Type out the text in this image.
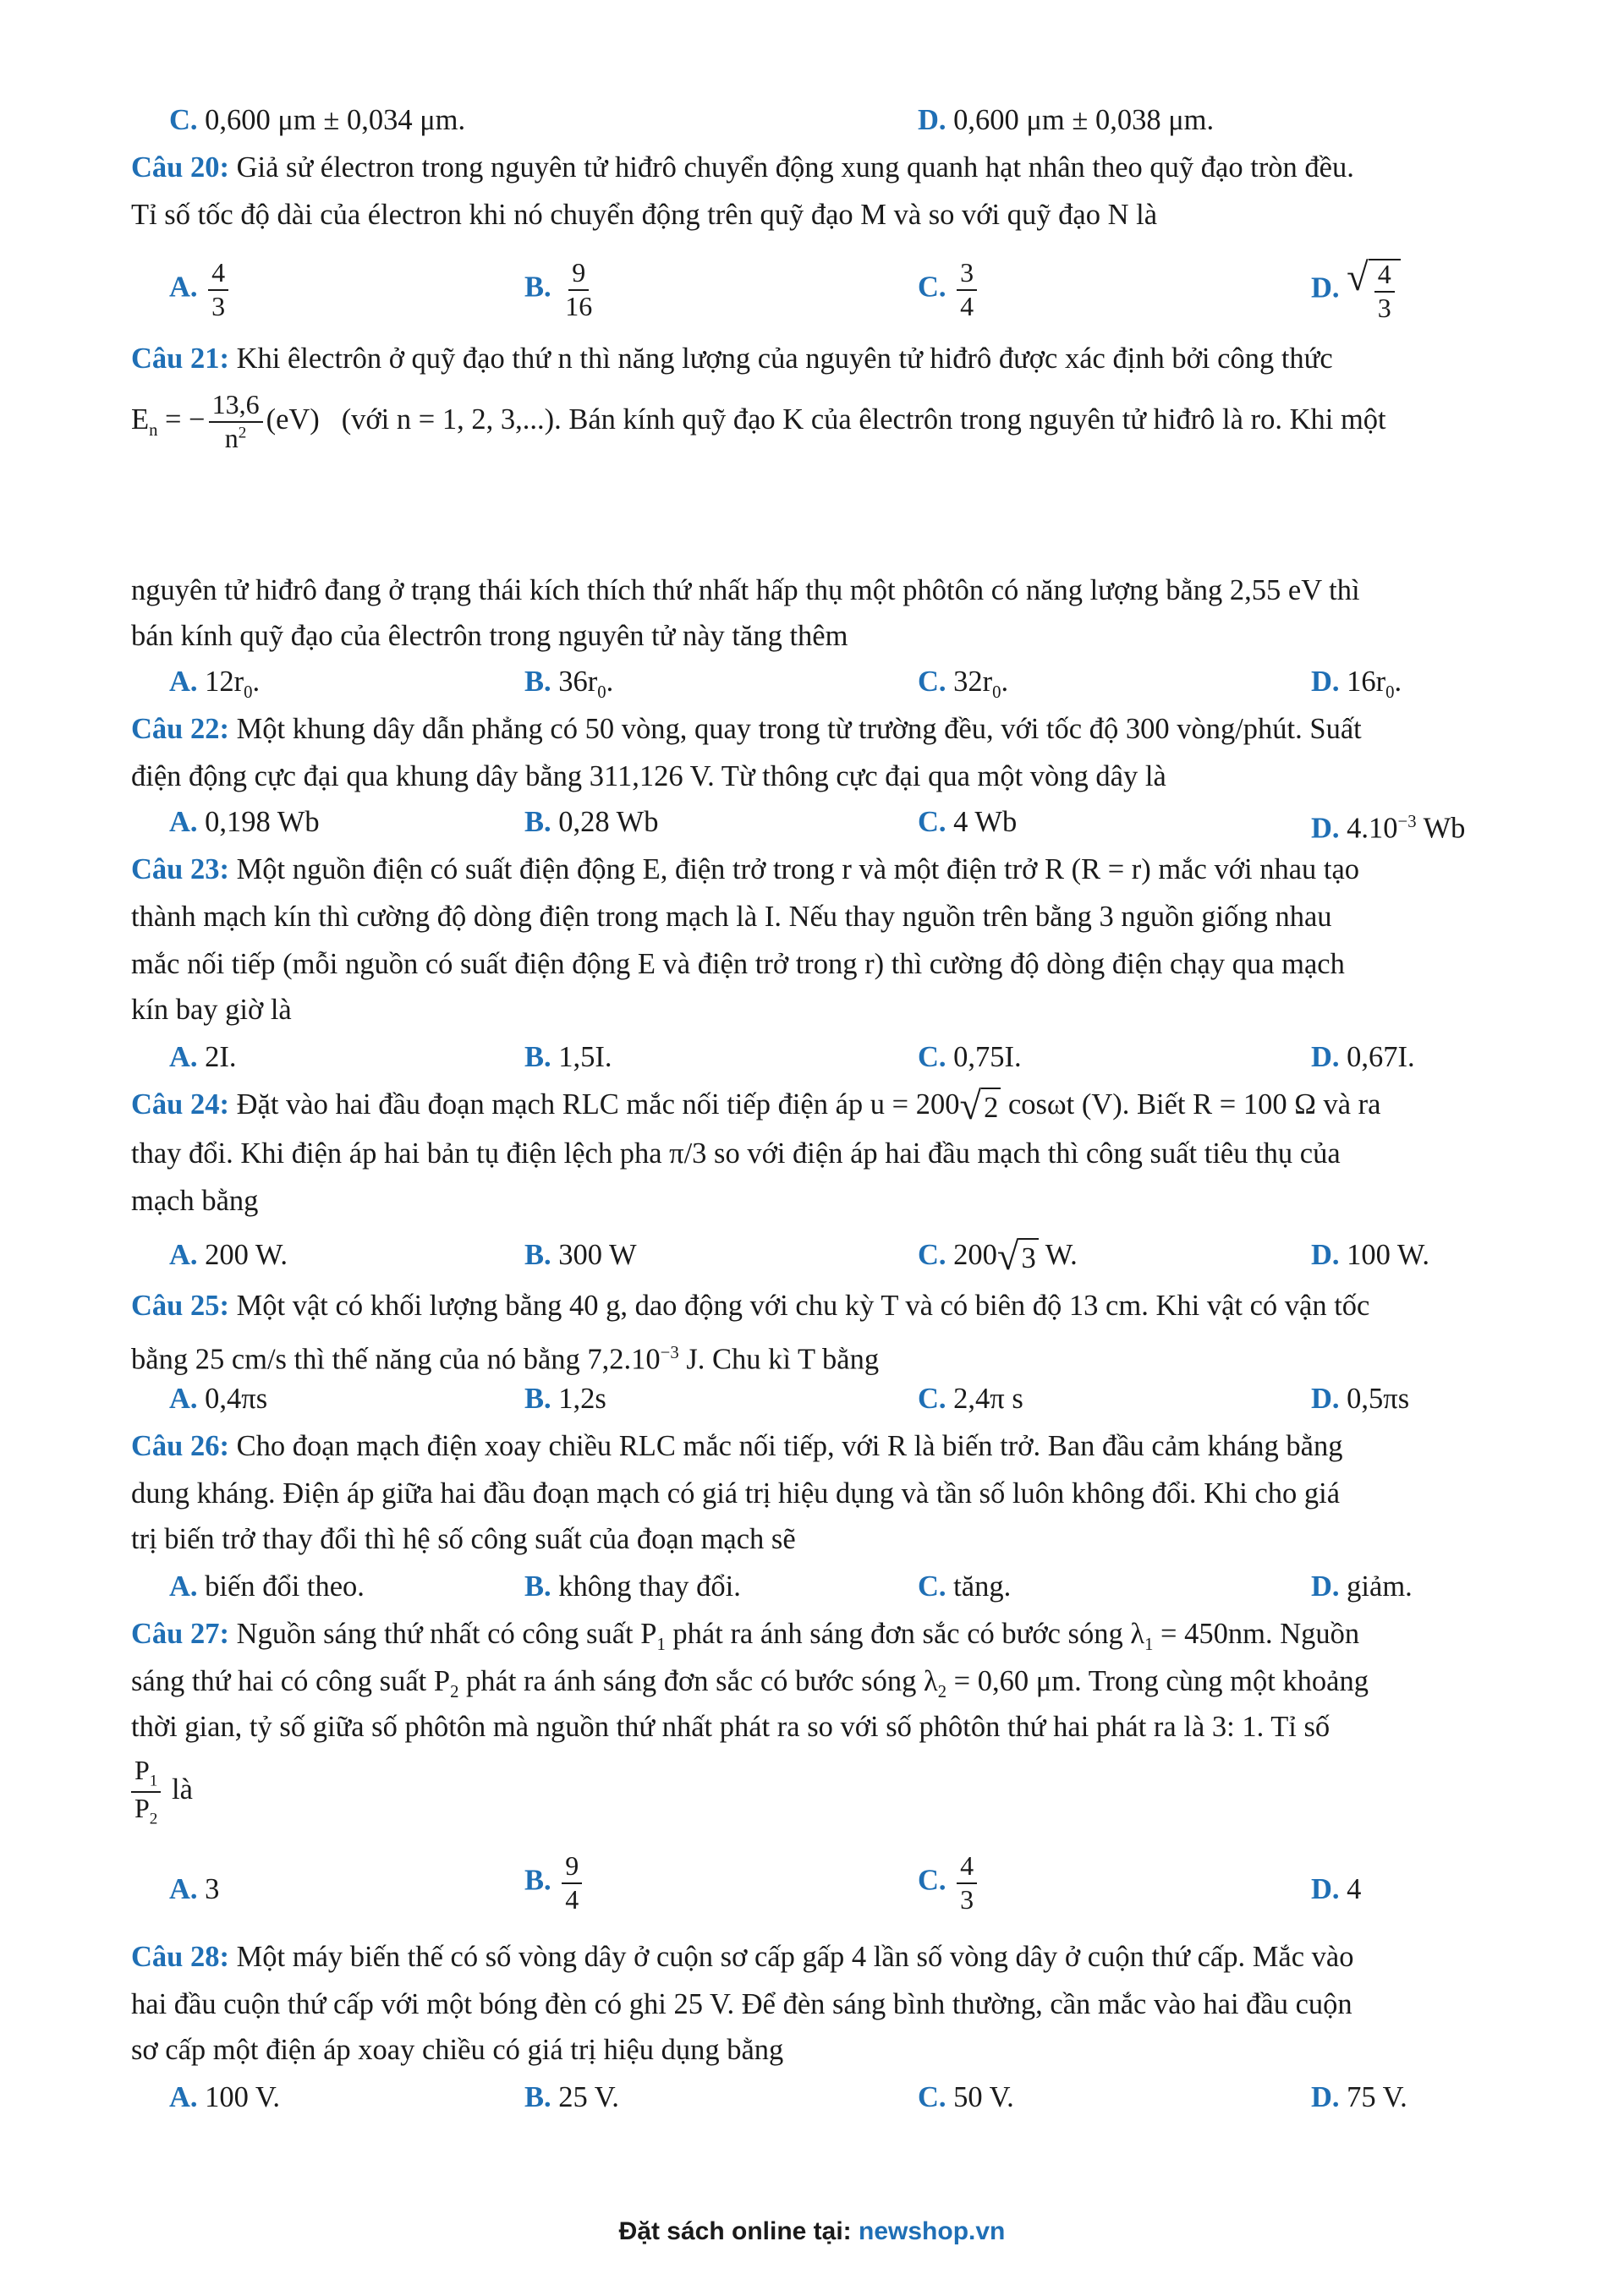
C. 0,600 μm ± 0,034 μm.	D. 0,600 μm ± 0,038 μm.
Câu 20: Giả sử électron trong nguyên tử hiđrô chuyển động xung quanh hạt nhân theo quỹ đạo tròn đều.
Tỉ số tốc độ dài của électron khi nó chuyển động trên quỹ đạo M và so với quỹ đạo N là
A. $\frac{4}{3}$	B. $\frac{9}{16}$	C. $\frac{3}{4}$	D. √ $\frac{4}{3}$
Câu 21: Khi êlectrôn ở quỹ đạo thứ n thì năng lượng của nguyên tử hiđrô được xác định bởi công thức
$E_n$ = − $\frac{13,6}{n^2} (eV)$ (với n = 1, 2, 3,...). Bán kính quỹ đạo K của êlectrôn trong nguyên tử hiđrô là ro. Khi một
nguyên tử hiđrô đang ở trạng thái kích thích thứ nhất hấp thụ một phôtôn có năng lượng bằng 2,55 eV thì
bán kính quỹ đạo của êlectrôn trong nguyên tử này tăng thêm
A. $12r_0$.	B. $36r_0$.	C. $32r_0$.	D. $16r_0$.
Câu 22: Một khung dây dẫn phẳng có 50 vòng, quay trong từ trường đều, với tốc độ 300 vòng/phút. Suất
điện động cực đại qua khung dây bằng 311,126 V. Từ thông cực đại qua một vòng dây là
A. 0,198 Wb	B. 0,28 Wb	C. 4 Wb	D. $4.10^{-3}$ Wb
Câu 23: Một nguồn điện có suất điện động E, điện trở trong r và một điện trở R (R = r) mắc với nhau tạo
thành mạch kín thì cường độ dòng điện trong mạch là I. Nếu thay nguồn trên bằng 3 nguồn giống nhau
mắc nối tiếp (mỗi nguồn có suất điện động E và điện trở trong r) thì cường độ dòng điện chạy qua mạch
kín bay giờ là
A. 2I.	B. 1,5I.	C. 0,75I.	D. 0,67I.
Câu 24: Đặt vào hai đầu đoạn mạch RLC mắc nối tiếp điện áp u = 200 √ 2 cosωt (V). Biết R = 100 Ω và ra
thay đổi. Khi điện áp hai bản tụ điện lệch pha π/3 so với điện áp hai đầu mạch thì công suất tiêu thụ của
mạch bằng
A. 200 W.	B. 300 W	C. 200 √ 3 W.	D. 100 W.
Câu 25: Một vật có khối lượng bằng 40 g, dao động với chu kỳ T và có biên độ 13 cm. Khi vật có vận tốc
bằng 25 cm/s thì thế năng của nó bằng $7,2.10^{-3}$ J. Chu kì T bằng
A. 0,4πs	B. 1,2s	C. 2,4π s	D. 0,5πs
Câu 26: Cho đoạn mạch điện xoay chiều RLC mắc nối tiếp, với R là biến trở. Ban đầu cảm kháng bằng
dung kháng. Điện áp giữa hai đầu đoạn mạch có giá trị hiệu dụng và tần số luôn không đổi. Khi cho giá
trị biến trở thay đổi thì hệ số công suất của đoạn mạch sẽ
A. biến đổi theo.	B. không thay đổi.	C. tăng.	D. giảm.
Câu 27: Nguồn sáng thứ nhất có công suất $P_1$ phát ra ánh sáng đơn sắc có bước sóng $\lambda_1 = 450nm$. Nguồn
sáng thứ hai có công suất $P_2$ phát ra ánh sáng đơn sắc có bước sóng $\lambda_2 = 0,60$ μm. Trong cùng một khoảng
thời gian, tỷ số giữa số phôtôn mà nguồn thứ nhất phát ra so với số phôtôn thứ hai phát ra là 3: 1. Tỉ số
$\frac{P_1}{P_2}$ là
A. 3	B. $\frac{9}{4}$	C. $\frac{4}{3}$	D. 4
Câu 28: Một máy biến thế có số vòng dây ở cuộn sơ cấp gấp 4 lần số vòng dây ở cuộn thứ cấp. Mắc vào
hai đầu cuộn thứ cấp với một bóng đèn có ghi 25 V. Để đèn sáng bình thường, cần mắc vào hai đầu cuộn
sơ cấp một điện áp xoay chiều có giá trị hiệu dụng bằng
A. 100 V.	B. 25 V.	C. 50 V.	D. 75 V.
Đặt sách online tại: newshop.vn
